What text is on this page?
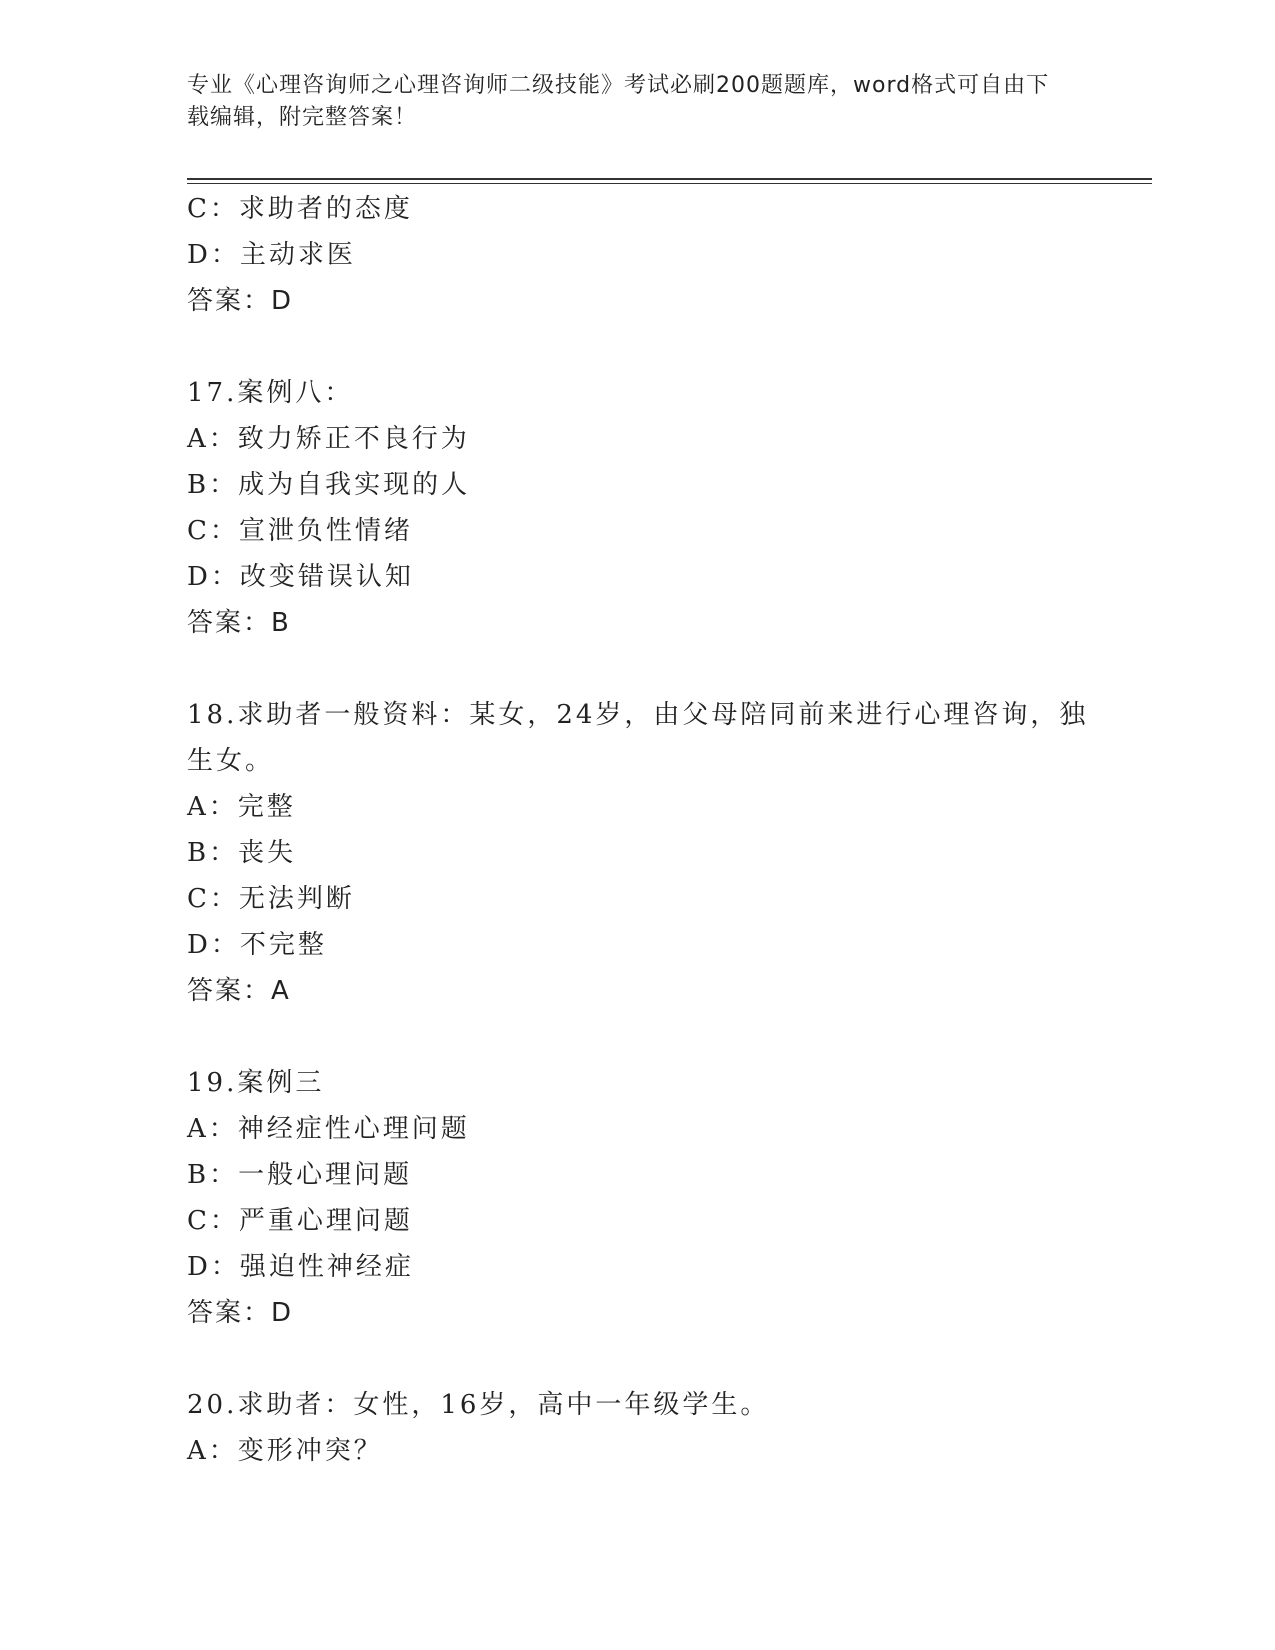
专业《心理咨询师之心理咨询师二级技能》考试必刷200题题库，word格式可自由下载编辑，附完整答案！
C：求助者的态度
D：主动求医
答案：D
17.案例八：
A：致力矫正不良行为
B：成为自我实现的人
C：宣泄负性情绪
D：改变错误认知
答案：B
18.求助者一般资料：某女，24岁，由父母陪同前来进行心理咨询，独
生女。
A：完整
B：丧失
C：无法判断
D：不完整
答案：A
19.案例三
A：神经症性心理问题
B：一般心理问题
C：严重心理问题
D：强迫性神经症
答案：D
20.求助者：女性，16岁，高中一年级学生。
A：变形冲突？
